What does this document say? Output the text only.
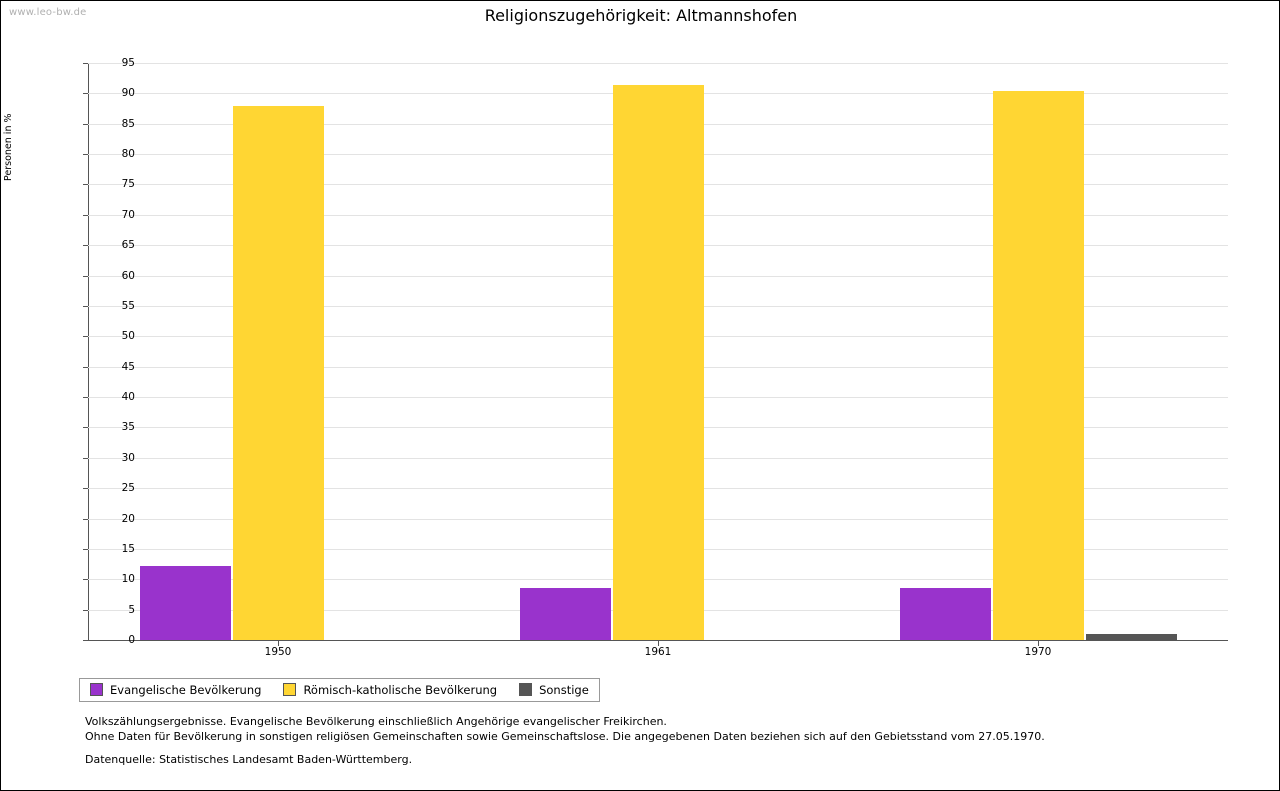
www.leo-bw.de	Religionszugehörigkeit: Altmannshofen
Personen in %
0
5
10
15
20
25
30
35
40
45
50
55
60
65
70
75
80
85
90
95
1950	1961	1970
Evangelische Bevölkerung	Römisch-katholische Bevölkerung	Sonstige
Volkszählungsergebnisse. Evangelische Bevölkerung einschließlich Angehörige evangelischer Freikirchen.
Ohne Daten für Bevölkerung in sonstigen religiösen Gemeinschaften sowie Gemeinschaftslose. Die angegebenen Daten beziehen sich auf den Gebietsstand vom 27.05.1970.
Datenquelle: Statistisches Landesamt Baden-Württemberg.
